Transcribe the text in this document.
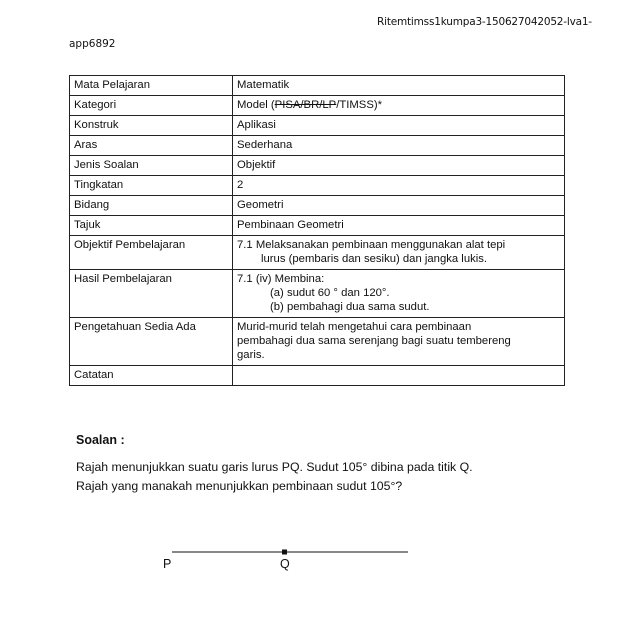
Ritemtimss1kumpa3-150627042052-lva1-
app6892
Mata Pelajaran	Matematik
Kategori	Model (PISA/BR/LP/TIMSS)*
Konstruk	Aplikasi
Aras	Sederhana
Jenis Soalan	Objektif
Tingkatan	2
Bidang	Geometri
Tajuk	Pembinaan Geometri
Objektif Pembelajaran	7.1 Melaksanakan pembinaan menggunakan alat tepi
lurus (pembaris dan sesiku) dan jangka lukis.

Hasil Pembelajaran	7.1 (iv) Membina:
(a) sudut 60 ° dan 120°.
(b) pembahagi dua sama sudut.

Pengetahuan Sedia Ada	Murid-murid telah mengetahui cara pembinaan
pembahagi dua sama serenjang bagi suatu tembereng
garis.

Catatan	
Soalan :
Rajah menunjukkan suatu garis lurus PQ. Sudut 105° dibina pada titik Q.
Rajah yang manakah menunjukkan pembinaan sudut 105°?
P	Q
